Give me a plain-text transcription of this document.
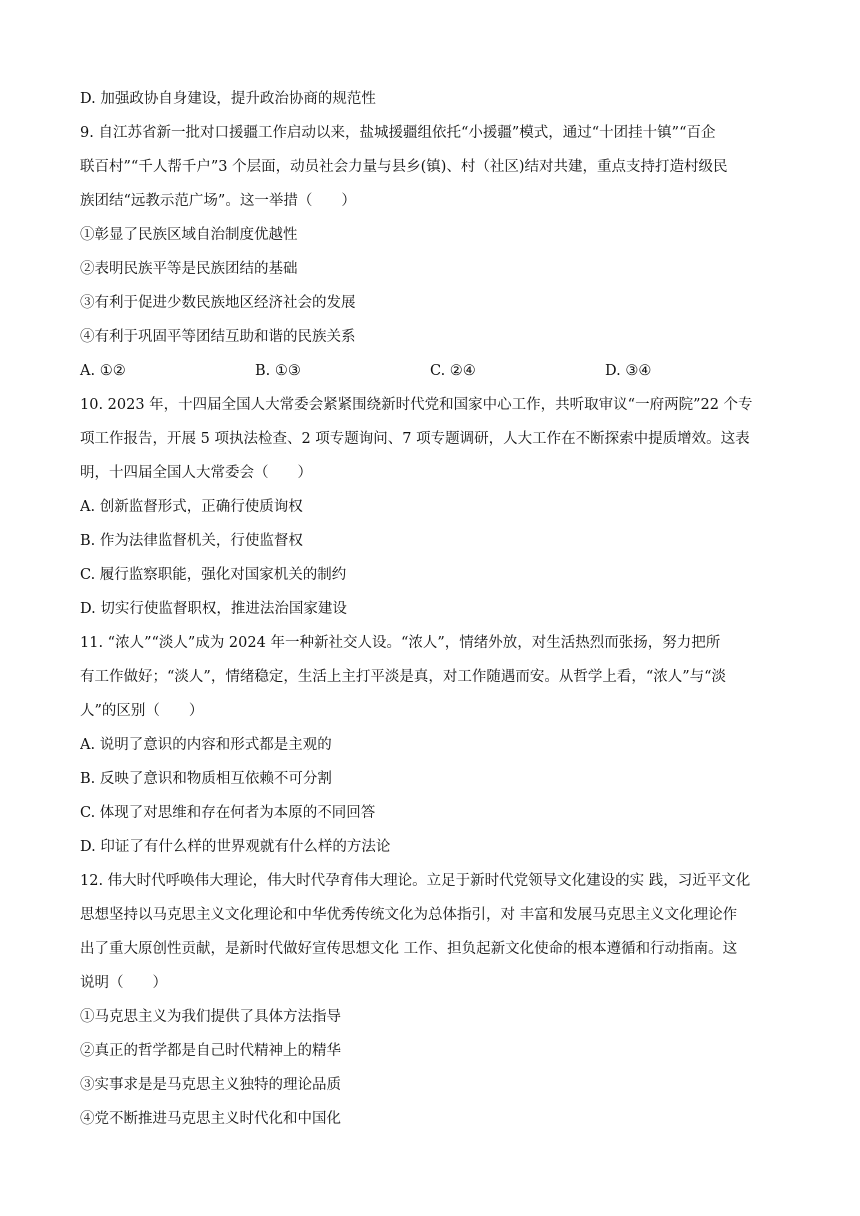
D. 加强政协自身建设，提升政治协商的规范性
9. 自江苏省新一批对口援疆工作启动以来，盐城援疆组依托“小援疆”模式，通过“十团挂十镇”“百企
联百村”“千人帮千户”3 个层面，动员社会力量与县乡(镇)、村（社区)结对共建，重点支持打造村级民
族团结“远教示范广场”。这一举措（　　）
①彰显了民族区域自治制度优越性
②表明民族平等是民族团结的基础
③有利于促进少数民族地区经济社会的发展
④有利于巩固平等团结互助和谐的民族关系
A. ①②	B. ①③	C. ②④	D. ③④
10. 2023 年，十四届全国人大常委会紧紧围绕新时代党和国家中心工作，共听取审议“一府两院”22 个专
项工作报告，开展 5 项执法检查、2 项专题询问、7 项专题调研，人大工作在不断探索中提质增效。这表
明，十四届全国人大常委会（　　）
A. 创新监督形式，正确行使质询权
B. 作为法律监督机关，行使监督权
C. 履行监察职能，强化对国家机关的制约
D. 切实行使监督职权，推进法治国家建设
11. “浓人”“淡人”成为 2024 年一种新社交人设。“浓人”，情绪外放，对生活热烈而张扬，努力把所
有工作做好；“淡人”，情绪稳定，生活上主打平淡是真，对工作随遇而安。从哲学上看，“浓人”与“淡
人”的区别（　　）
A. 说明了意识的内容和形式都是主观的
B. 反映了意识和物质相互依赖不可分割
C. 体现了对思维和存在何者为本原的不同回答
D. 印证了有什么样的世界观就有什么样的方法论
12. 伟大时代呼唤伟大理论，伟大时代孕育伟大理论。立足于新时代党领导文化建设的实 践，习近平文化
思想坚持以马克思主义文化理论和中华优秀传统文化为总体指引，对 丰富和发展马克思主义文化理论作
出了重大原创性贡献，是新时代做好宣传思想文化 工作、担负起新文化使命的根本遵循和行动指南。这
说明（　　）
①马克思主义为我们提供了具体方法指导
②真正的哲学都是自己时代精神上的精华
③实事求是是马克思主义独特的理论品质
④党不断推进马克思主义时代化和中国化
